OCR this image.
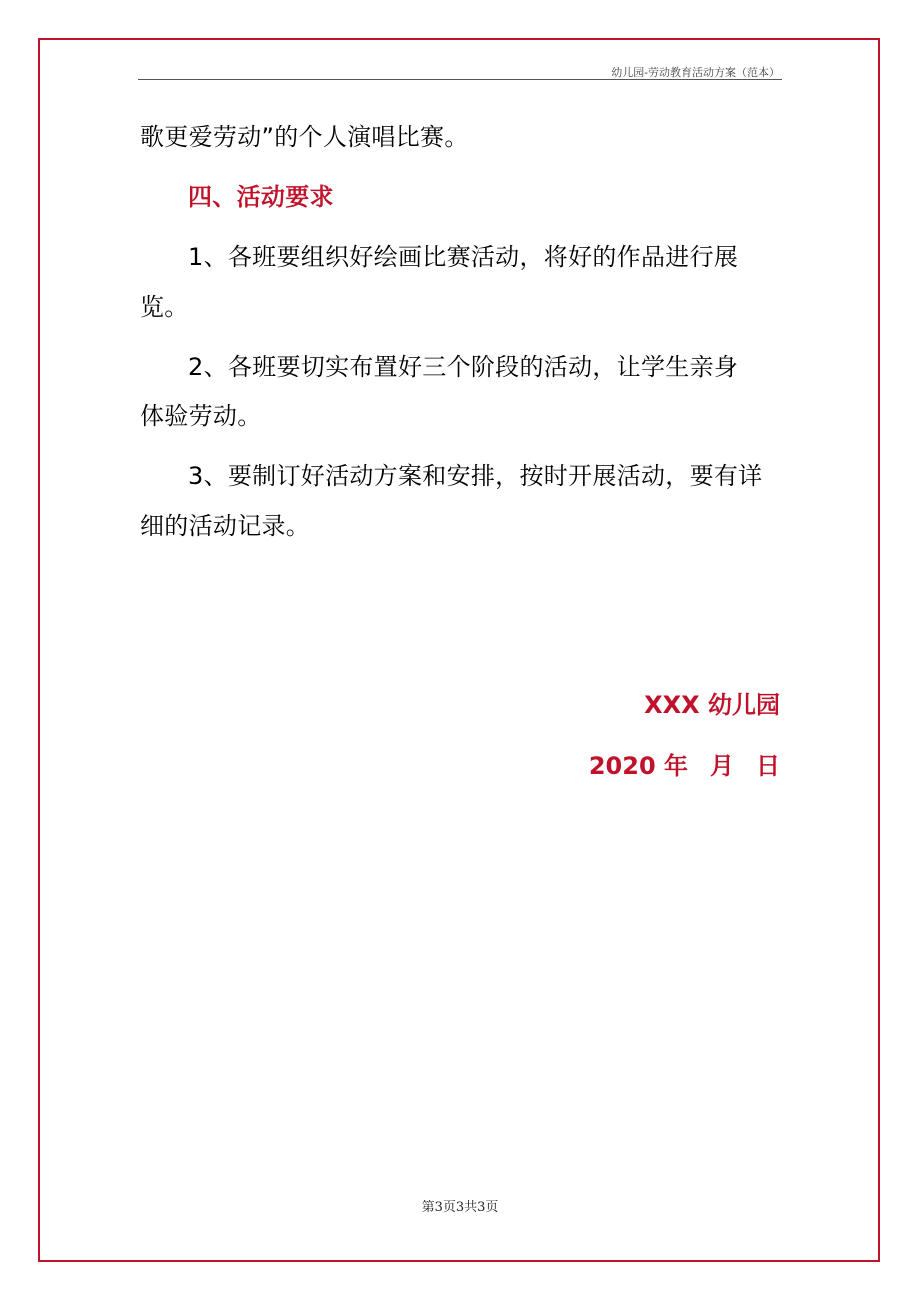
幼儿园-劳动教育活动方案（范本）
歌更爱劳动”的个人演唱比赛。
四、活动要求
1、各班要组织好绘画比赛活动，将好的作品进行展
览。
2、各班要切实布置好三个阶段的活动，让学生亲身
体验劳动。
3、要制订好活动方案和安排，按时开展活动，要有详
细的活动记录。
XXX 幼儿园
2020 年 月 日
第3页3共3页
